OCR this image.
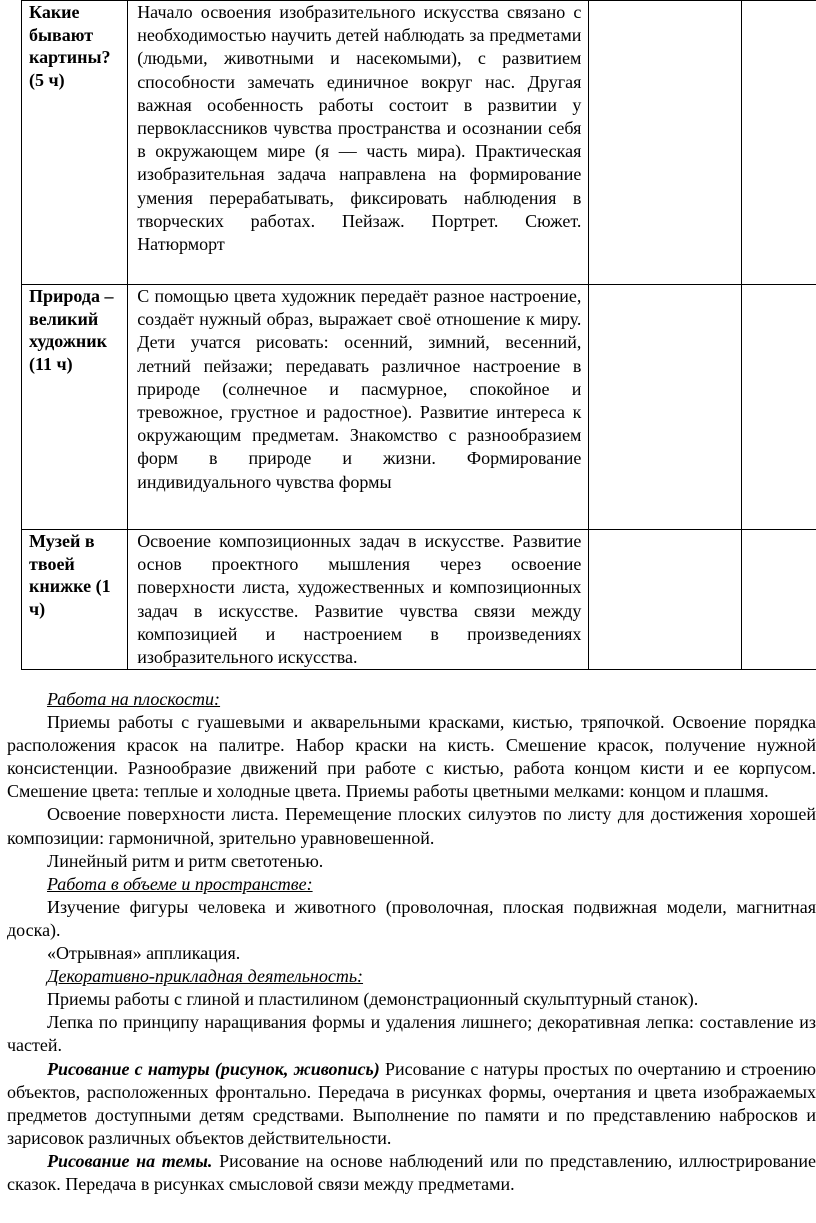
Какие бывают картины? (5 ч)	Начало освоения изобразительного искусства связано с необходимостью научить детей наблюдать за предметами (людьми, животными и насекомыми), с развитием способности замечать единичное вокруг нас. Другая важная особенность работы состоит в развитии у первоклассников чувства пространства и осознании себя в окружающем мире (я — часть мира). Практическая изобразительная задача направлена на формирование умения перерабатывать, фиксировать наблюдения в творческих работах. Пейзаж. Портрет. Сюжет. Натюрморт		
Природа – великий художник (11 ч)	С помощью цвета художник передаёт разное настроение, создаёт нужный образ, выражает своё отношение к миру. Дети учатся рисовать: осенний, зимний, весенний, летний пейзажи; передавать различное настроение в природе (солнечное и пасмурное, спокойное и тревожное, грустное и радостное). Развитие интереса к окружающим предметам. Знакомство с разнообразием форм в природе и жизни. Формирование индивидуального чувства формы		
Музей в твоей книжке (1 ч)	Освоение композиционных задач в искусстве. Развитие основ проектного мышления через освоение поверхности листа, художественных и композиционных задач в искусстве. Развитие чувства связи между композицией и настроением в произведениях изобразительного искусства.		

Работа на плоскости:

Приемы работы с гуашевыми и акварельными красками, кистью, тряпочкой. Освоение порядка расположения красок на палитре. Набор краски на кисть. Смешение красок, получение нужной консистенции. Разнообразие движений при работе с кистью, работа концом кисти и ее корпусом. Смешение цвета: теплые и холодные цвета. Приемы работы цветными мелками: концом и плашмя.

Освоение поверхности листа. Перемещение плоских силуэтов по листу для достижения хорошей композиции: гармоничной, зрительно уравновешенной.

Линейный ритм и ритм светотенью.

Работа в объеме и пространстве:

Изучение фигуры человека и животного (проволочная, плоская подвижная модели, магнитная доска).

«Отрывная» аппликация.

Декоративно-прикладная деятельность:

Приемы работы с глиной и пластилином (демонстрационный скульптурный станок).

Лепка по принципу наращивания формы и удаления лишнего; декоративная лепка: составление из частей.

Рисование с натуры (рисунок, живопись) Рисование с натуры простых по очертанию и строению объектов, расположенных фронтально. Передача в рисунках формы, очертания и цвета изображаемых предметов доступными детям средствами. Выполнение по памяти и по представлению набросков и зарисовок различных объектов действительности.

Рисование на темы. Рисование на основе наблюдений или по представлению, иллюстрирование сказок. Передача в рисунках смысловой связи между предметами.
